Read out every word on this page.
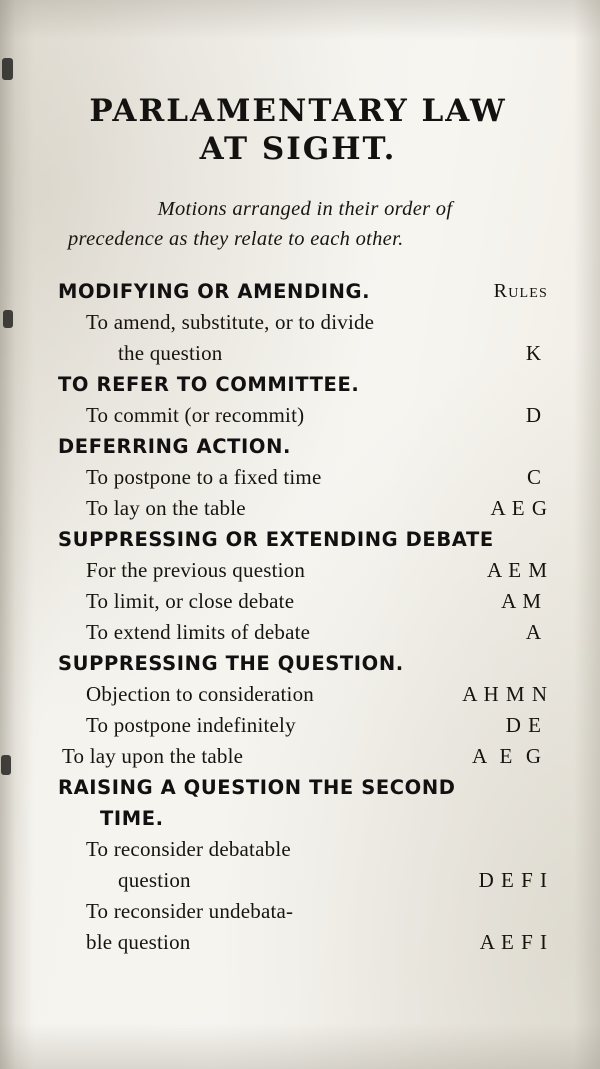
PARLAMENTARY LAW
AT SIGHT.

Motions arranged in their order of
precedence as they relate to each other.

MODIFYING OR AMENDING.	Rules
To amend, substitute, or to divide
the question	K
TO REFER TO COMMITTEE.
To commit (or recommit)	D
DEFERRING ACTION.
To postpone to a fixed time	C
To lay on the table	A E G
SUPPRESSING OR EXTENDING DEBATE
For the previous question	A E M
To limit, or close debate	A M
To extend limits of debate	A
SUPPRESSING THE QUESTION.
Objection to consideration	A H M N
To postpone indefinitely	D E
To lay upon the table	A  E  G
RAISING A QUESTION THE SECOND
TIME.
To reconsider debatable
question	D E F I
To reconsider undebata-
ble question	A E F I
